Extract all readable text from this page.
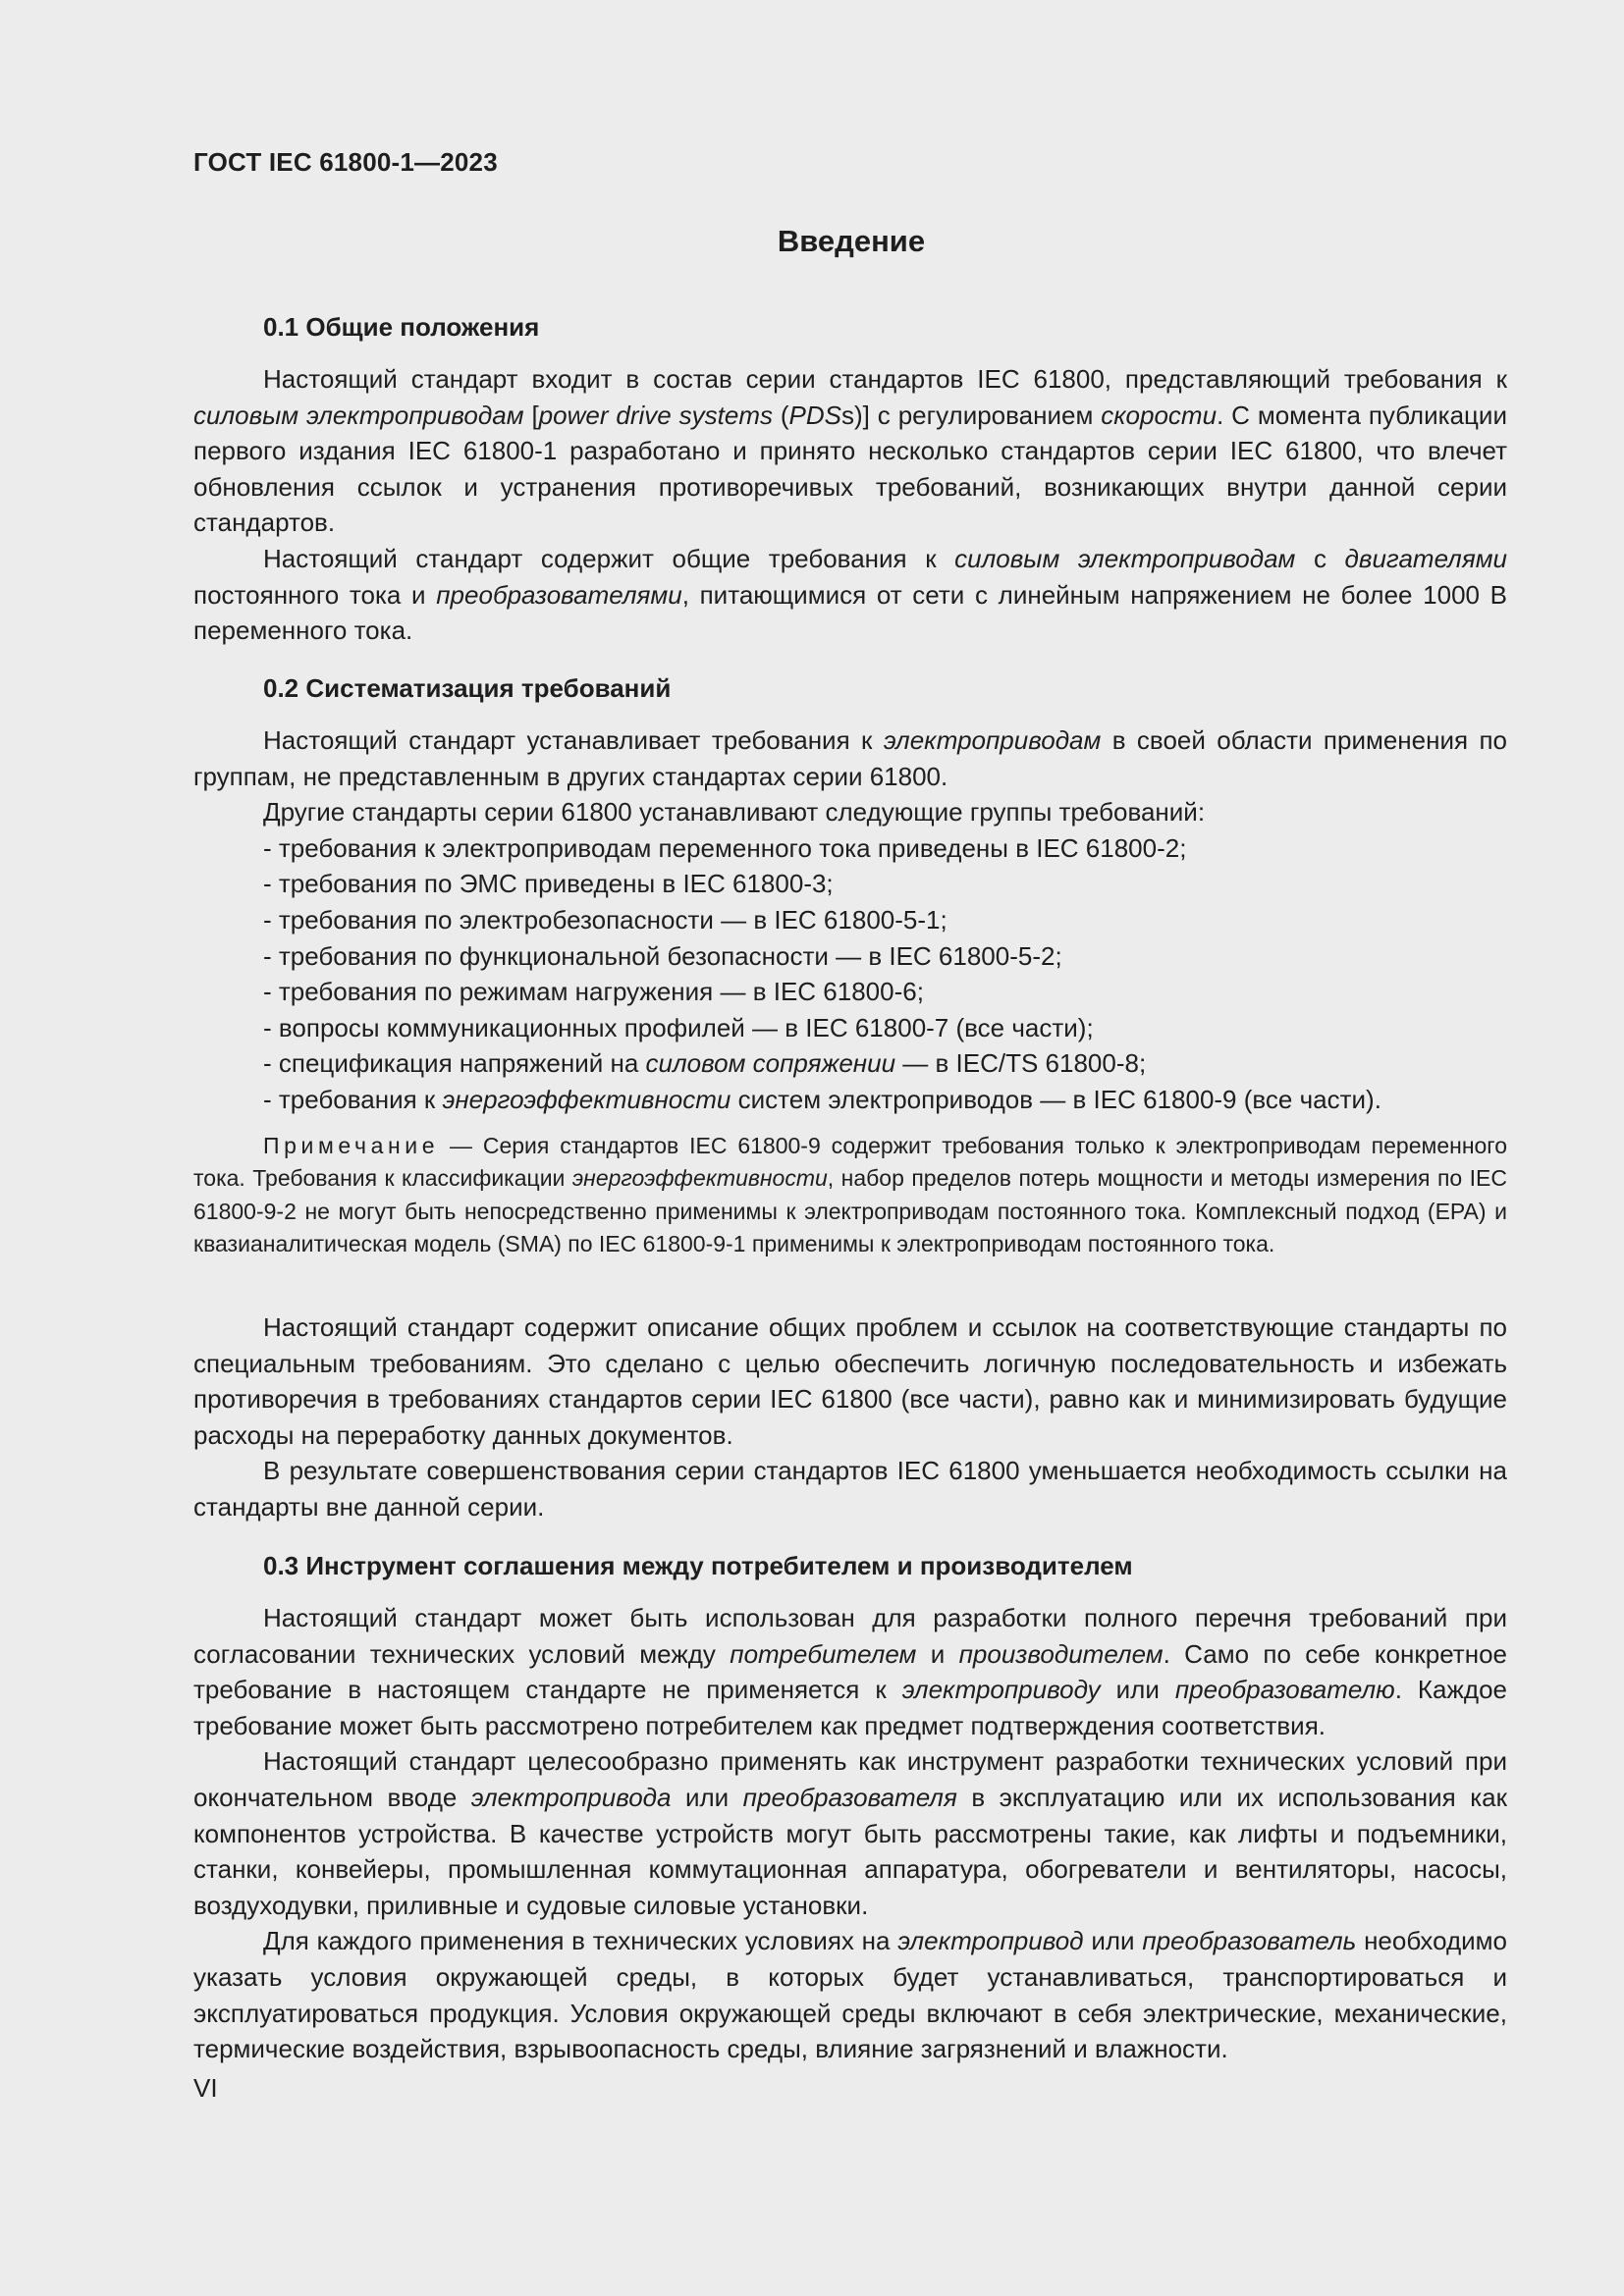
ГОСТ IEC 61800-1—2023
Введение
0.1 Общие положения

Настоящий стандарт входит в состав серии стандартов IEC 61800, представляющий требования к силовым электроприводам [power drive systems (PDSs)] с регулированием скорости. С момента публикации первого издания IEC 61800-1 разработано и принято несколько стандартов серии IEC 61800, что влечет обновления ссылок и устранения противоречивых требований, возникающих внутри данной серии стандартов.

Настоящий стандарт содержит общие требования к силовым электроприводам с двигателями постоянного тока и преобразователями, питающимися от сети с линейным напряжением не более 1000 В переменного тока.

0.2 Систематизация требований

Настоящий стандарт устанавливает требования к электроприводам в своей области применения по группам, не представленным в других стандартах серии 61800.

Другие стандарты серии 61800 устанавливают следующие группы требований:

- требования к электроприводам переменного тока приведены в IEC 61800-2;

- требования по ЭМС приведены в IEC 61800-3;

- требования по электробезопасности — в IEC 61800-5-1;

- требования по функциональной безопасности — в IEC 61800-5-2;

- требования по режимам нагружения — в IEC 61800-6;

- вопросы коммуникационных профилей — в IEC 61800-7 (все части);

- спецификация напряжений на силовом сопряжении — в IEC/TS 61800-8;

- требования к энергоэффективности систем электроприводов — в IEC 61800-9 (все части).

Примечание — Серия стандартов IEC 61800-9 содержит требования только к электроприводам переменного тока. Требования к классификации энергоэффективности, набор пределов потерь мощности и методы измерения по IEC 61800-9-2 не могут быть непосредственно применимы к электроприводам постоянного тока. Комплексный подход (EPA) и квазианалитическая модель (SMA) по IEC 61800-9-1 применимы к электроприводам постоянного тока.

Настоящий стандарт содержит описание общих проблем и ссылок на соответствующие стандарты по специальным требованиям. Это сделано с целью обеспечить логичную последовательность и избежать противоречия в требованиях стандартов серии IEC 61800 (все части), равно как и минимизировать будущие расходы на переработку данных документов.

В результате совершенствования серии стандартов IEC 61800 уменьшается необходимость ссылки на стандарты вне данной серии.

0.3 Инструмент соглашения между потребителем и производителем

Настоящий стандарт может быть использован для разработки полного перечня требований при согласовании технических условий между потребителем и производителем. Само по себе конкретное требование в настоящем стандарте не применяется к электроприводу или преобразователю. Каждое требование может быть рассмотрено потребителем как предмет подтверждения соответствия.

Настоящий стандарт целесообразно применять как инструмент разработки технических условий при окончательном вводе электропривода или преобразователя в эксплуатацию или их использования как компонентов устройства. В качестве устройств могут быть рассмотрены такие, как лифты и подъемники, станки, конвейеры, промышленная коммутационная аппаратура, обогреватели и вентиляторы, насосы, воздуходувки, приливные и судовые силовые установки.

Для каждого применения в технических условиях на электропривод или преобразователь необходимо указать условия окружающей среды, в которых будет устанавливаться, транспортироваться и эксплуатироваться продукция. Условия окружающей среды включают в себя электрические, механические, термические воздействия, взрывоопасность среды, влияние загрязнений и влажности.

VI
